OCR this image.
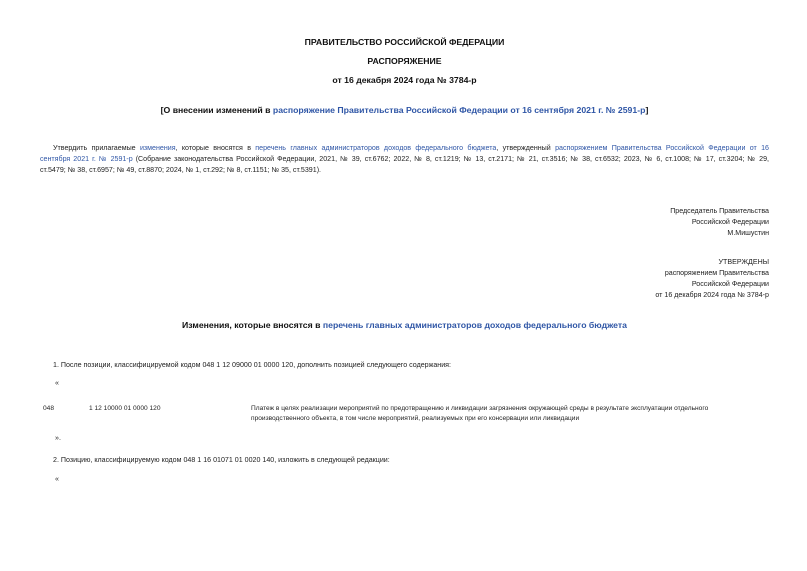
ПРАВИТЕЛЬСТВО РОССИЙСКОЙ ФЕДЕРАЦИИ
РАСПОРЯЖЕНИЕ
от 16 декабря 2024 года № 3784-р
[О внесении изменений в распоряжение Правительства Российской Федерации от 16 сентября 2021 г. № 2591-р]
Утвердить прилагаемые изменения, которые вносятся в перечень главных администраторов доходов федерального бюджета, утвержденный распоряжением Правительства Российской Федерации от 16
сентября 2021 г. № 2591-р (Собрание законодательства Российской Федерации, 2021, № 39, ст.6762; 2022, № 8, ст.1219; № 13, ст.2171; № 21, ст.3516; № 38, ст.6532; 2023, № 6, ст.1008; № 17, ст.3204; № 29,
ст.5479; № 38, ст.6957; № 49, ст.8870; 2024, № 1, ст.292; № 8, ст.1151; № 35, ст.5391).
Председатель Правительства
Российской Федерации
М.Мишустин
УТВЕРЖДЕНЫ
распоряжением Правительства
Российской Федерации
от 16 декабря 2024 года № 3784-р
Изменения, которые вносятся в перечень главных администраторов доходов федерального бюджета
1. После позиции, классифицируемой кодом 048 1 12 09000 01 0000 120, дополнить позицией следующего содержания:
«
048	1 12 10000 01 0000 120	Платеж в целях реализации мероприятий по предотвращению и ликвидации загрязнения окружающей среды в результате эксплуатации отдельного производственного объекта, в том числе мероприятий, реализуемых при его консервации или ликвидации
».
2. Позицию, классифицируемую кодом 048 1 16 01071 01 0020 140, изложить в следующей редакции:
«
